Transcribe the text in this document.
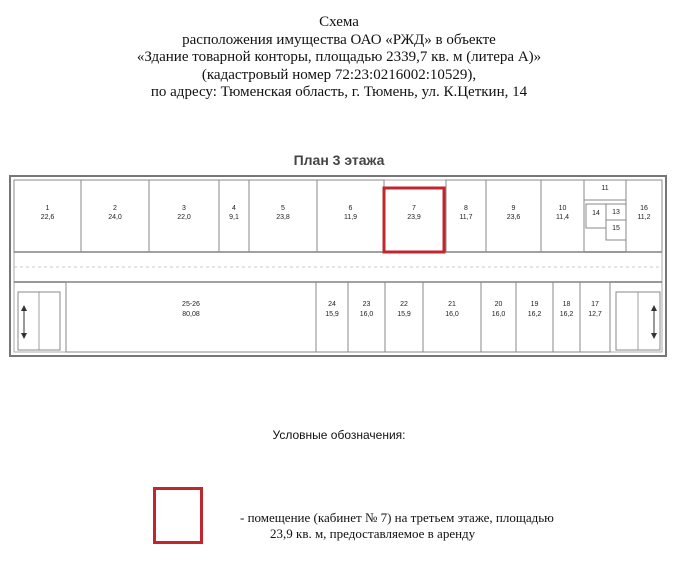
Схема
расположения имущества ОАО «РЖД» в объекте
«Здание товарной конторы, площадью 2339,7 кв. м (литера А)»
(кадастровый номер 72:23:0216002:10529),
по адресу: Тюменская область, г. Тюмень, ул. К.Цеткин, 14
План 3 этажа
1
22,6
2
24,0
3
22,0
4
9,1
5
23,8
6
11,9
7
23,9
8
11,7
9
23,6
10
11,4
11
14 13
15
16
11,2
25-26
80,08
24
15,9
23
16,0
22
15,9
21
16,0
20
16,0
19
16,2
18
16,2
17
12,7
Условные обозначения:
- помещение (кабинет № 7) на третьем этаже, площадью
23,9 кв. м, предоставляемое в аренду
